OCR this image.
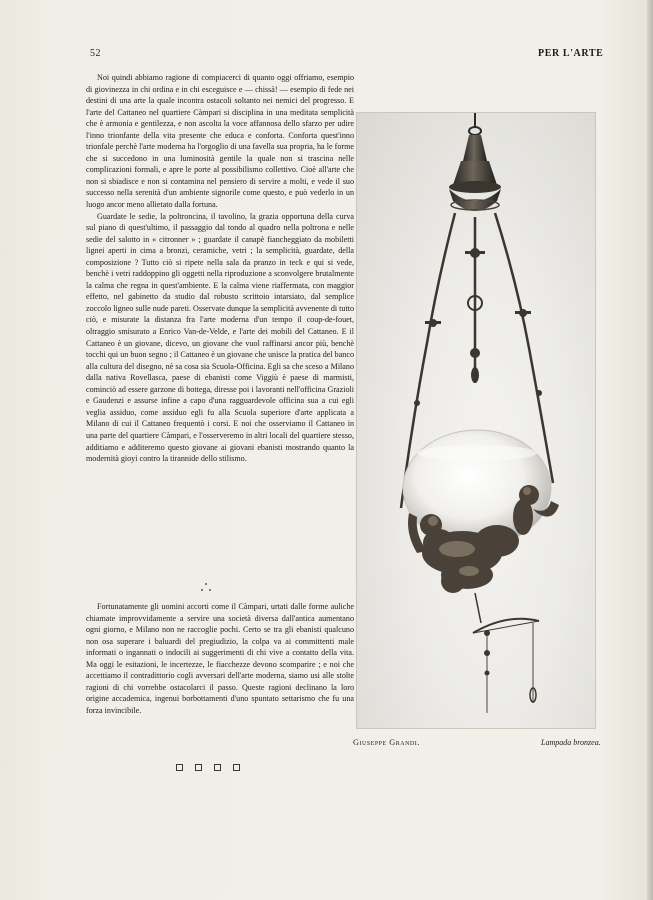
52	PER L'ARTE

Noi quindi abbiamo ragione di compiacerci di quanto oggi offriamo, esempio di giovinezza in chi ordina e in chi esceguisce e — chissà! — esempio di fede nei destini di una arte la quale incontra ostacoli soltanto nei nemici del progresso. E l'arte del Cattaneo nel quartiere Càmpari si disciplina in una meditata semplicità che è armonia e gentilezza, e non ascolta la voce affannosa dello sfarzo per udire l'inno trionfante della vita presente che educa e conforta. Conforta quest'inno trionfale perchè l'arte moderna ha l'orgoglio di una favella sua propria, ha le forme che si succedono in una luminosità gentile la quale non si trascina nelle complicazioni formali, e apre le porte al possibilismo collettivo. Cioè all'arte che non si sbiadisce e non si contamina nel pensiero di servire a molti, e vede il suo successo nella serenità d'un ambiente signorile come questo, e può vederlo in un luogo ancor meno allietato dalla fortuna.

Guardate le sedie, la poltroncina, il tavolino, la grazia opportuna della curva sul piano di quest'ultimo, il passaggio dal tondo al quadro nella poltrona e nelle sedie del salotto in « citronner » ; guardate il canapè fiancheggiato da mobiletti lignei aperti in cima a bronzi, ceramiche, vetri ; la semplicità, guardate, della composizione ? Tutto ciò si ripete nella sala da pranzo in teck e qui si vede, benchè i vetri raddoppino gli oggetti nella riproduzione a sconvolgere brutalmente la calma che regna in quest'ambiente. E la calma viene riaffermata, con maggior effetto, nel gabinetto da studio dal robusto scrittoio intarsiato, dal semplice zoccolo ligneo sulle nude pareti. Osservate dunque la semplicità avvenente di tutto ciò, e misurate la distanza fra l'arte moderna d'un tempo il coup-de-fouet, oltraggio smisurato a Enrico Van-de-Velde, e l'arte dei mobili del Cattaneo. E il Cattaneo è un giovane, dicevo, un giovane che vuol raffinarsi ancor più, benchè tocchi qui un buon segno ; il Cattaneo è un giovane che unisce la pratica del banco alla cultura del disegno, nè sa cosa sia Scuola-Officina. Egli sa che sceso a Milano dalla nativa Rovellasca, paese di ebanisti come Viggiù è paese di marmisti, cominciò ad essere garzone di bottega, diresse poi i lavoranti nell'officina Grazioli e Gaudenzi e assurse infine a capo d'una ragguardevole officina sua a cui egli veglia assiduo, come assiduo egli fu alla Scuola superiore d'arte applicata a Milano di cui il Cattaneo frequentò i corsi. E noi che osserviamo il Cattaneo in una parte del quartiere Càmpari, e l'osserveremo in altri locali del quartiere stesso, additiamo e additeremo questo giovane ai giovani ebanisti mostrando quanto la modernità gioyi contro la tirannide dello stilismo.

Fortunatamente gli uomini accorti come il Càmpari, urtati dalle forme auliche chiamate improvvidamente a servire una società diversa dall'antica aumentano ogni giorno, e Milano non ne raccoglie pochi. Certo se tra gli ebanisti qualcuno non osa superare i baluardi del pregiudizio, la colpa va ai committenti male informati o ingannati o indocili ai suggerimenti di chi vive a contatto della vita. Ma oggi le esitazioni, le incertezze, le fiacchezze devono scomparire ; e noi che accettiamo il contradittorio cogli avversari dell'arte moderna, siamo usi alle stolte ragioni di chi vorrebbe ostacolarci il passo. Queste ragioni declinano la loro origine accademica, ingenui borbottamenti d'uno spuntato settarismo che fu una forza invincibile.

Giuseppe Grandi.	Lampada bronzea.
